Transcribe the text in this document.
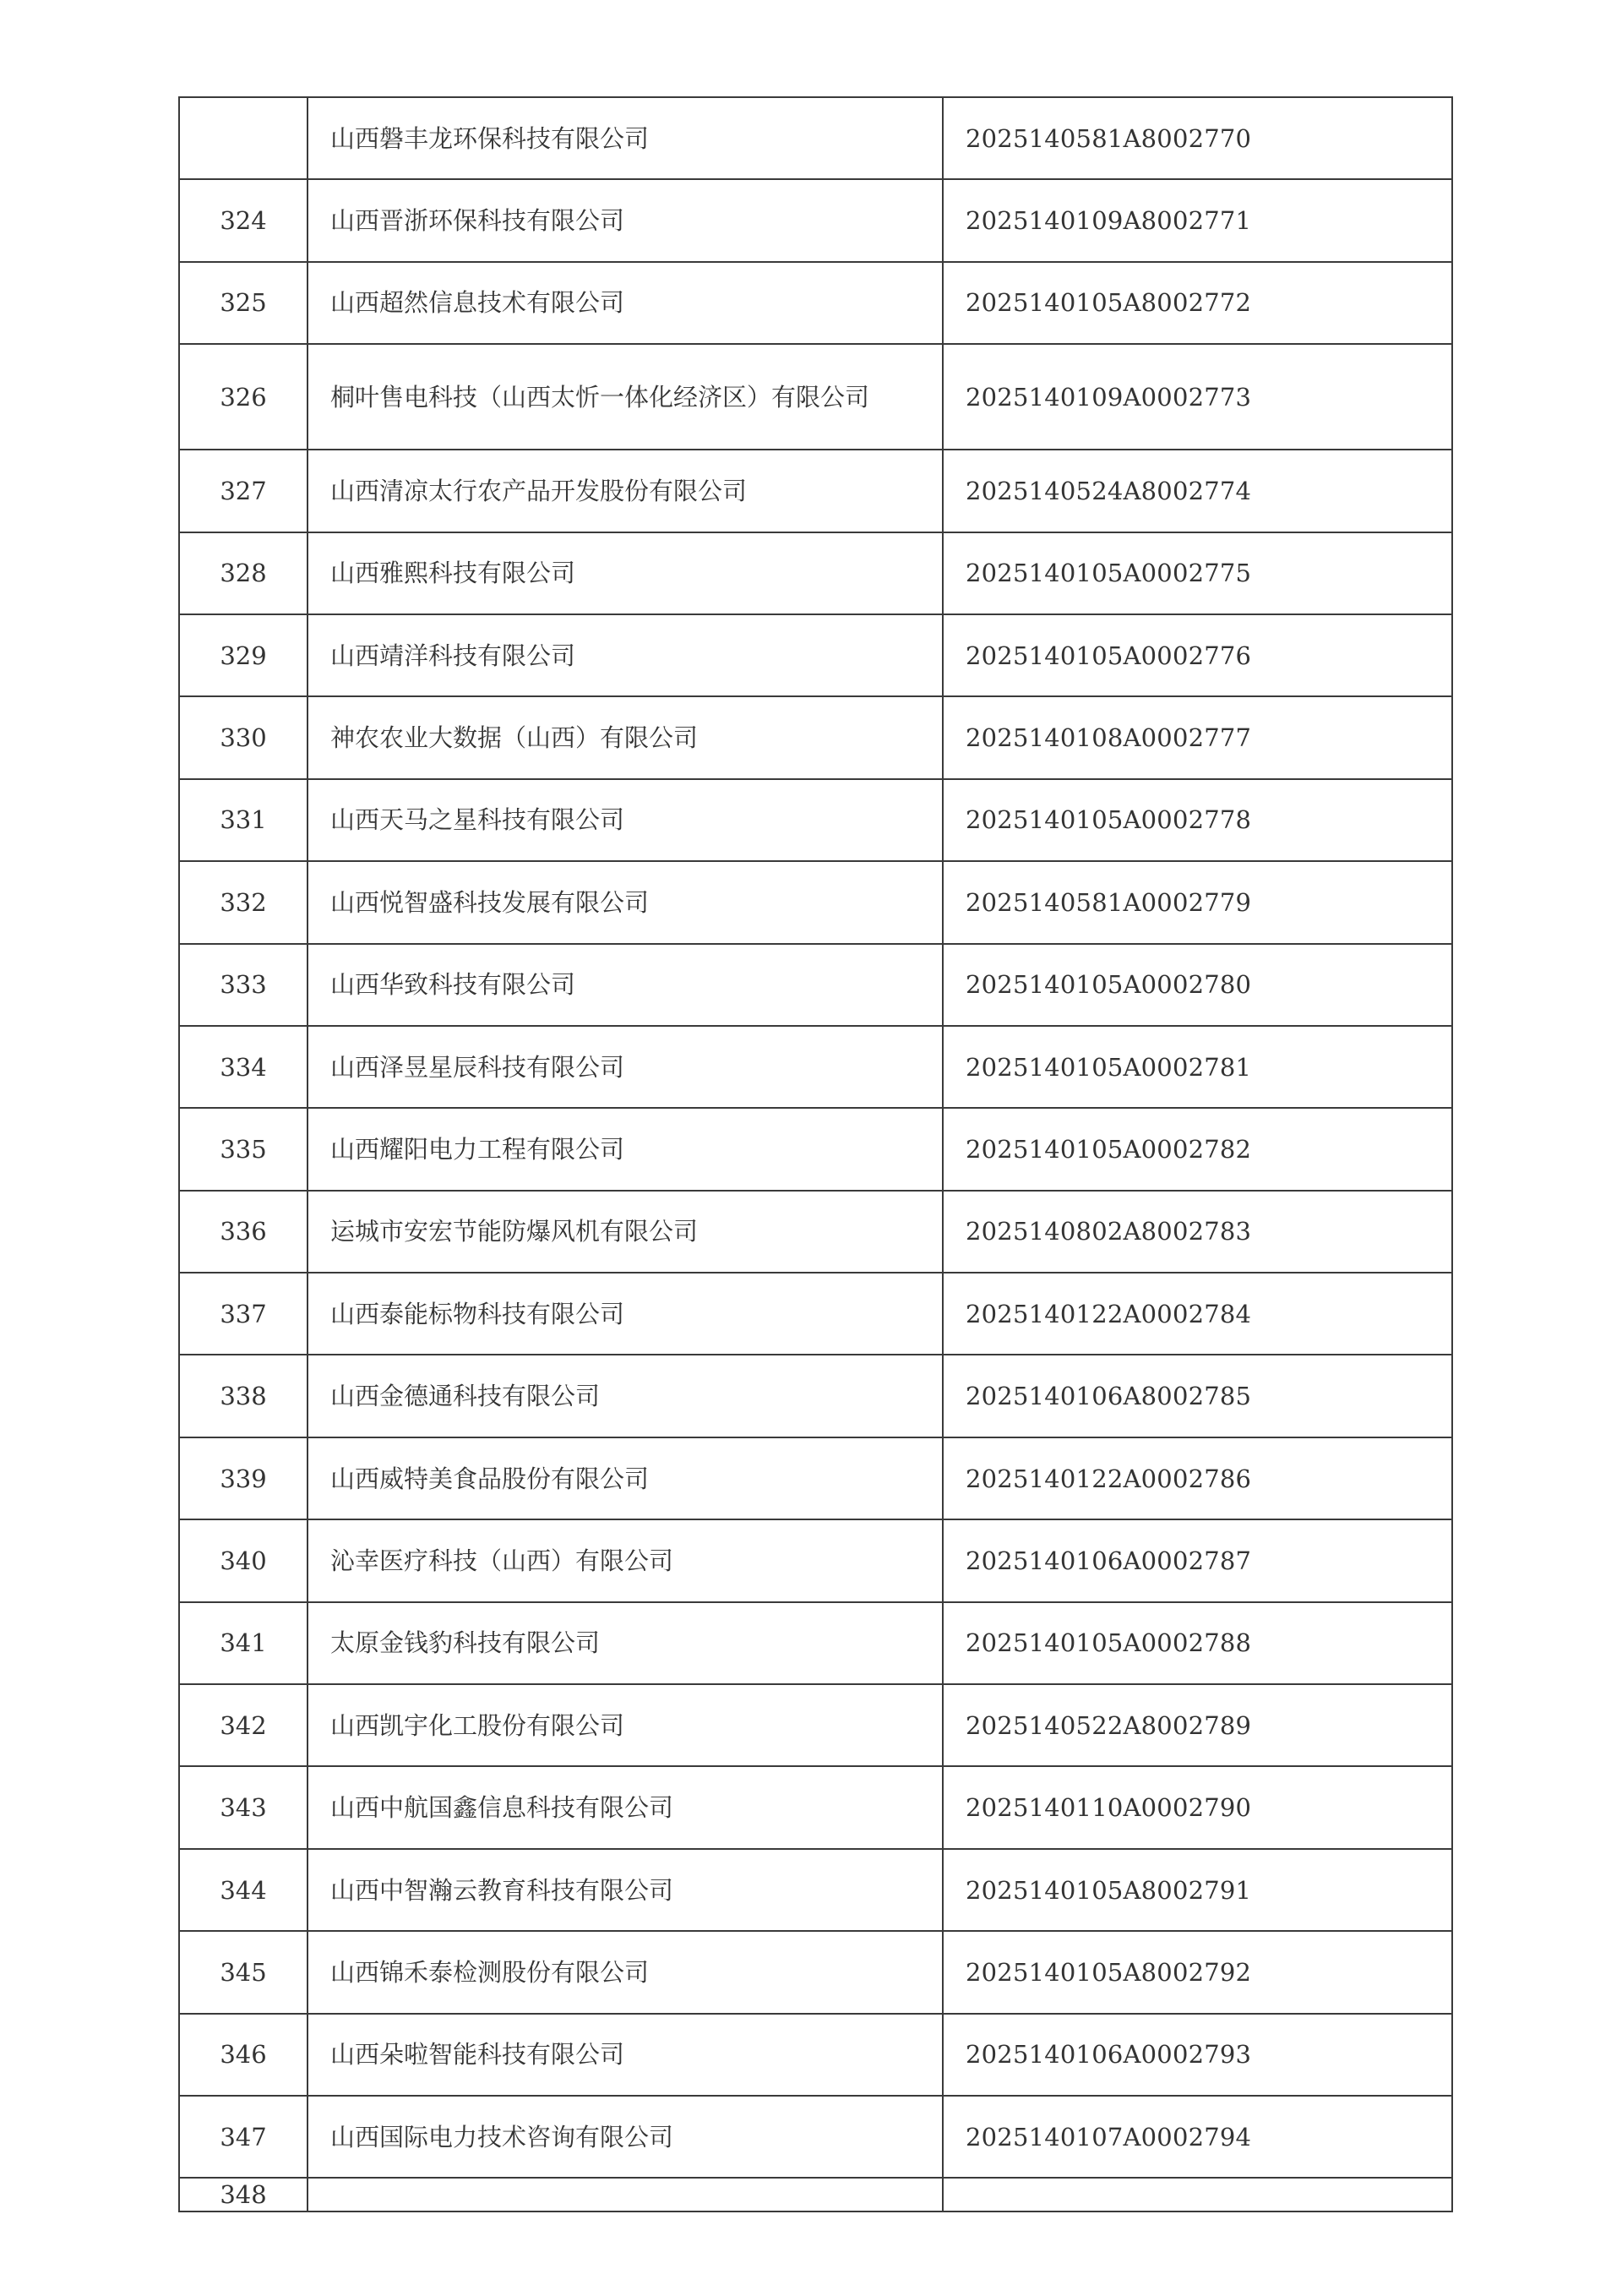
	山西磐丰龙环保科技有限公司	2025140581A8002770
324	山西晋浙环保科技有限公司	2025140109A8002771
325	山西超然信息技术有限公司	2025140105A8002772
326	桐叶售电科技（山西太忻一体化经济区）有限公司	2025140109A0002773
327	山西清凉太行农产品开发股份有限公司	2025140524A8002774
328	山西雅熙科技有限公司	2025140105A0002775
329	山西靖洋科技有限公司	2025140105A0002776
330	神农农业大数据（山西）有限公司	2025140108A0002777
331	山西天马之星科技有限公司	2025140105A0002778
332	山西悦智盛科技发展有限公司	2025140581A0002779
333	山西华致科技有限公司	2025140105A0002780
334	山西泽昱星辰科技有限公司	2025140105A0002781
335	山西耀阳电力工程有限公司	2025140105A0002782
336	运城市安宏节能防爆风机有限公司	2025140802A8002783
337	山西泰能标物科技有限公司	2025140122A0002784
338	山西金德通科技有限公司	2025140106A8002785
339	山西威特美食品股份有限公司	2025140122A0002786
340	沁幸医疗科技（山西）有限公司	2025140106A0002787
341	太原金钱豹科技有限公司	2025140105A0002788
342	山西凯宇化工股份有限公司	2025140522A8002789
343	山西中航国鑫信息科技有限公司	2025140110A0002790
344	山西中智瀚云教育科技有限公司	2025140105A8002791
345	山西锦禾泰检测股份有限公司	2025140105A8002792
346	山西朵啦智能科技有限公司	2025140106A0002793
347	山西国际电力技术咨询有限公司	2025140107A0002794
348		
